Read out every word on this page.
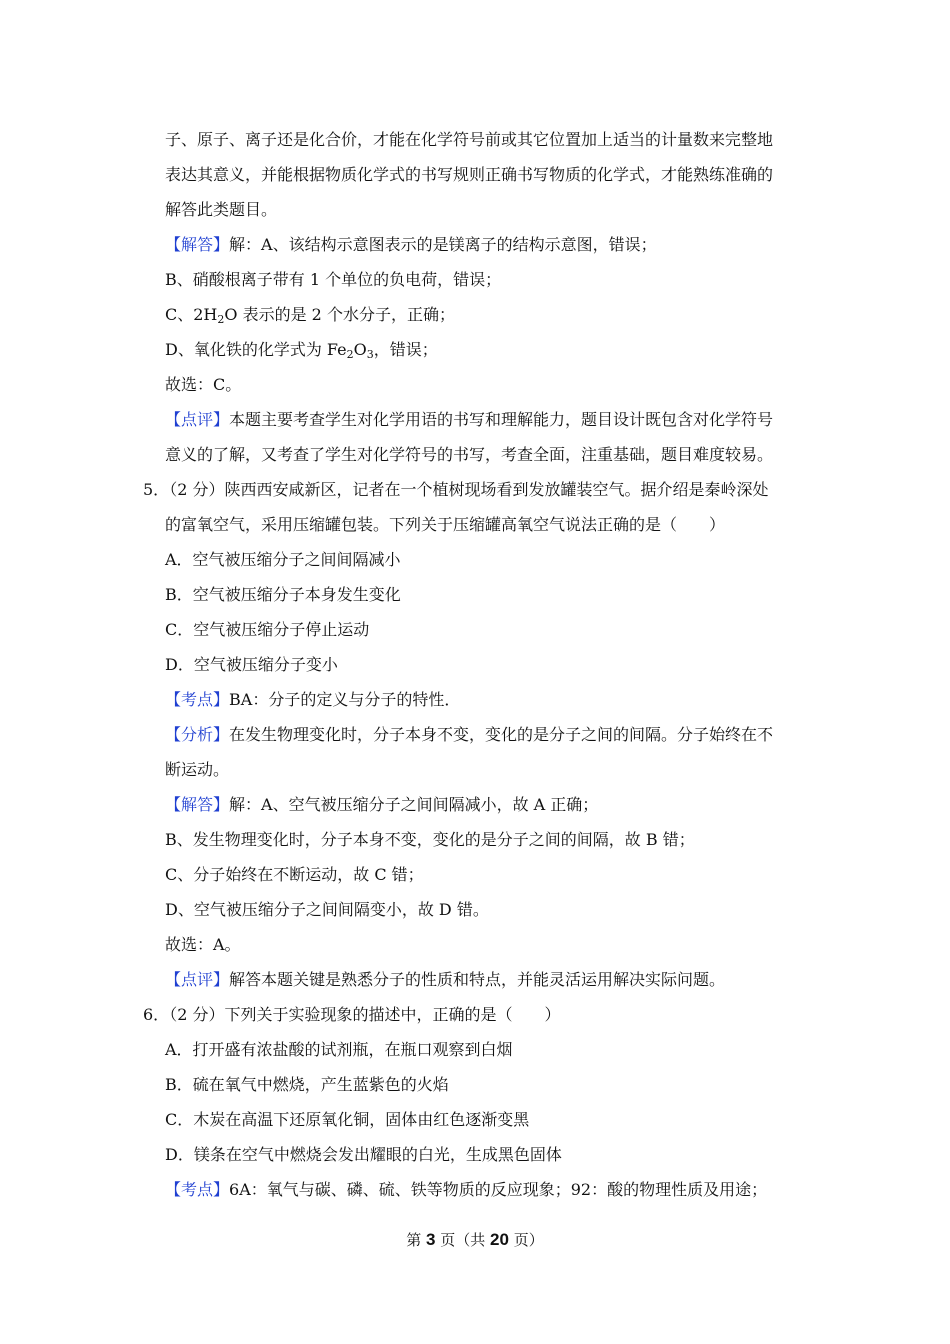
子、原子、离子还是化合价，才能在化学符号前或其它位置加上适当的计量数来完整地
表达其意义，并能根据物质化学式的书写规则正确书写物质的化学式，才能熟练准确的
解答此类题目。
【解答】解：A、该结构示意图表示的是镁离子的结构示意图，错误；
B、硝酸根离子带有 1 个单位的负电荷，错误；
C、$2H_2O$ 表示的是 2 个水分子，正确；
D、氧化铁的化学式为 $Fe_2O_3$，错误；
故选：C。
【点评】本题主要考查学生对化学用语的书写和理解能力，题目设计既包含对化学符号
意义的了解，又考查了学生对化学符号的书写，考查全面，注重基础，题目难度较易。
5．（2 分）陕西西安咸新区，记者在一个植树现场看到发放罐装空气。据介绍是秦岭深处
的富氧空气，采用压缩罐包装。下列关于压缩罐高氧空气说法正确的是（　　）
A．空气被压缩分子之间间隔减小
B．空气被压缩分子本身发生变化
C．空气被压缩分子停止运动
D．空气被压缩分子变小
【考点】BA：分子的定义与分子的特性．
【分析】在发生物理变化时，分子本身不变，变化的是分子之间的间隔。分子始终在不
断运动。
【解答】解：A、空气被压缩分子之间间隔减小，故 A 正确；
B、发生物理变化时，分子本身不变，变化的是分子之间的间隔，故 B 错；
C、分子始终在不断运动，故 C 错；
D、空气被压缩分子之间间隔变小，故 D 错。
故选：A。
【点评】解答本题关键是熟悉分子的性质和特点，并能灵活运用解决实际问题。
6．（2 分）下列关于实验现象的描述中，正确的是（　　）
A．打开盛有浓盐酸的试剂瓶，在瓶口观察到白烟
B．硫在氧气中燃烧，产生蓝紫色的火焰
C．木炭在高温下还原氧化铜，固体由红色逐渐变黑
D．镁条在空气中燃烧会发出耀眼的白光，生成黑色固体
【考点】6A：氧气与碳、磷、硫、铁等物质的反应现象；92：酸的物理性质及用途；
第 3 页（共 20 页）
